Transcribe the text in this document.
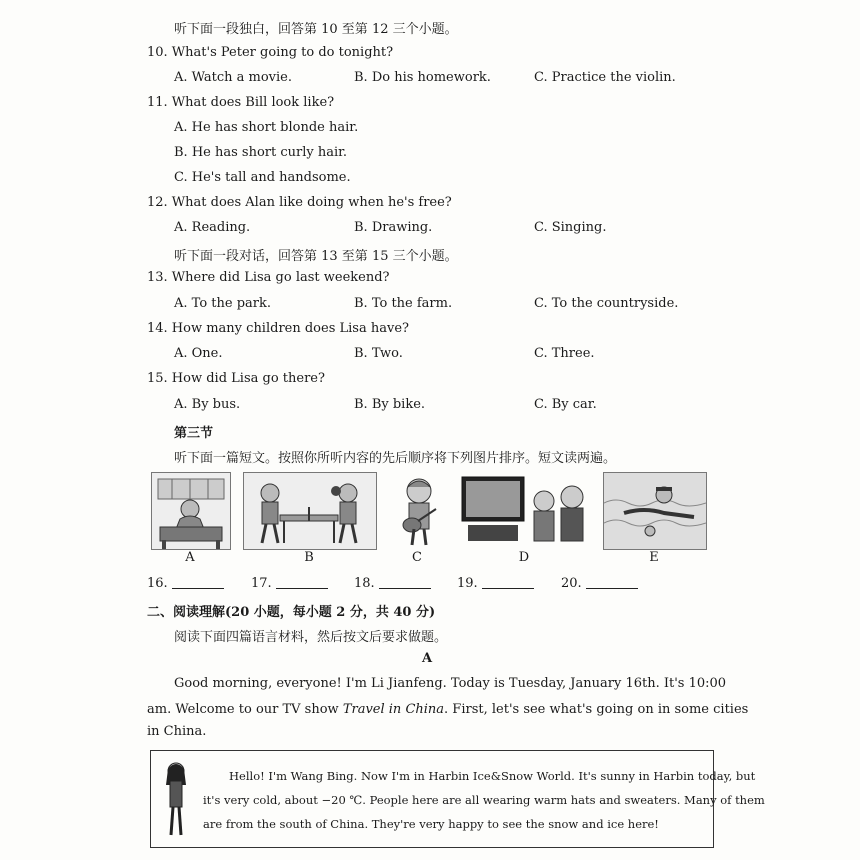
听下面一段独白，回答第 10 至第 12 三个小题。
10. What's Peter going to do tonight?
A. Watch a movie.	B. Do his homework.	C. Practice the violin.
11. What does Bill look like?
A. He has short blonde hair.
B. He has short curly hair.
C. He's tall and handsome.
12. What does Alan like doing when he's free?
A. Reading.	B. Drawing.	C. Singing.
听下面一段对话，回答第 13 至第 15 三个小题。
13. Where did Lisa go last weekend?
A. To the park.	B. To the farm.	C. To the countryside.
14. How many children does Lisa have?
A. One.	B. Two.	C. Three.
15. How did Lisa go there?
A. By bus.	B. By bike.	C. By car.
第三节
听下面一篇短文。按照你所听内容的先后顺序将下列图片排序。短文读两遍。
A	B	C	D	E
16.	17.	18.	19.	20.
二、阅读理解(20 小题，每小题 2 分，共 40 分)
阅读下面四篇语言材料，然后按文后要求做题。
A
Good morning, everyone! I'm Li Jianfeng. Today is Tuesday, January 16th. It's 10:00
am. Welcome to our TV show Travel in China. First, let's see what's going on in some cities
in China.
Hello! I'm Wang Bing. Now I'm in Harbin Ice&Snow World. It's sunny in Harbin today, but
it's very cold, about −20 ℃. People here are all wearing warm hats and sweaters. Many of them
are from the south of China. They're very happy to see the snow and ice here!
